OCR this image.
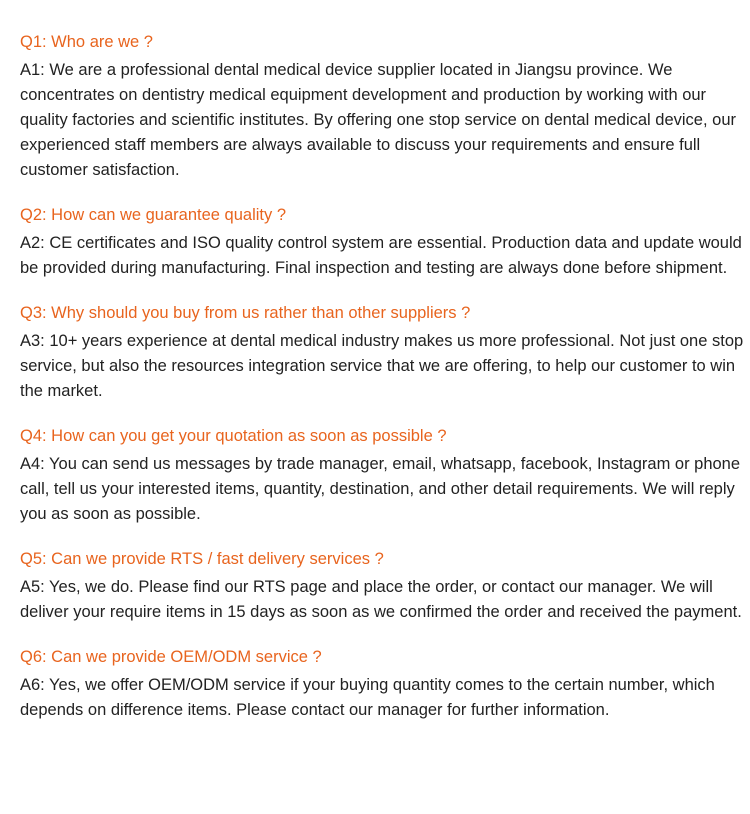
Q1: Who are we ?

A1: We are a professional dental medical device supplier located in Jiangsu province. We concentrates on dentistry medical equipment development and production by working with our quality factories and scientific institutes. By offering one stop service on dental medical device, our experienced staff members are always available to discuss your requirements and ensure full customer satisfaction.

Q2: How can we guarantee quality ?

A2: CE certificates and ISO quality control system are essential. Production data and update would be provided during manufacturing. Final inspection and testing are always done before shipment.

Q3: Why should you buy from us rather than other suppliers ?

A3: 10+ years experience at dental medical industry makes us more professional. Not just one stop service, but also the resources integration service that we are offering, to help our customer to win the market.

Q4: How can you get your quotation as soon as possible ?

A4: You can send us messages by trade manager, email, whatsapp, facebook, Instagram or phone call, tell us your interested items, quantity, destination, and other detail requirements. We will reply you as soon as possible.

Q5: Can we provide RTS / fast delivery services ?

A5: Yes, we do. Please find our RTS page and place the order, or contact our manager. We will deliver your require items in 15 days as soon as we confirmed the order and received the payment.

Q6: Can we provide OEM/ODM service ?

A6: Yes, we offer OEM/ODM service if your buying quantity comes to the certain number, which depends on difference items. Please contact our manager for further information.
